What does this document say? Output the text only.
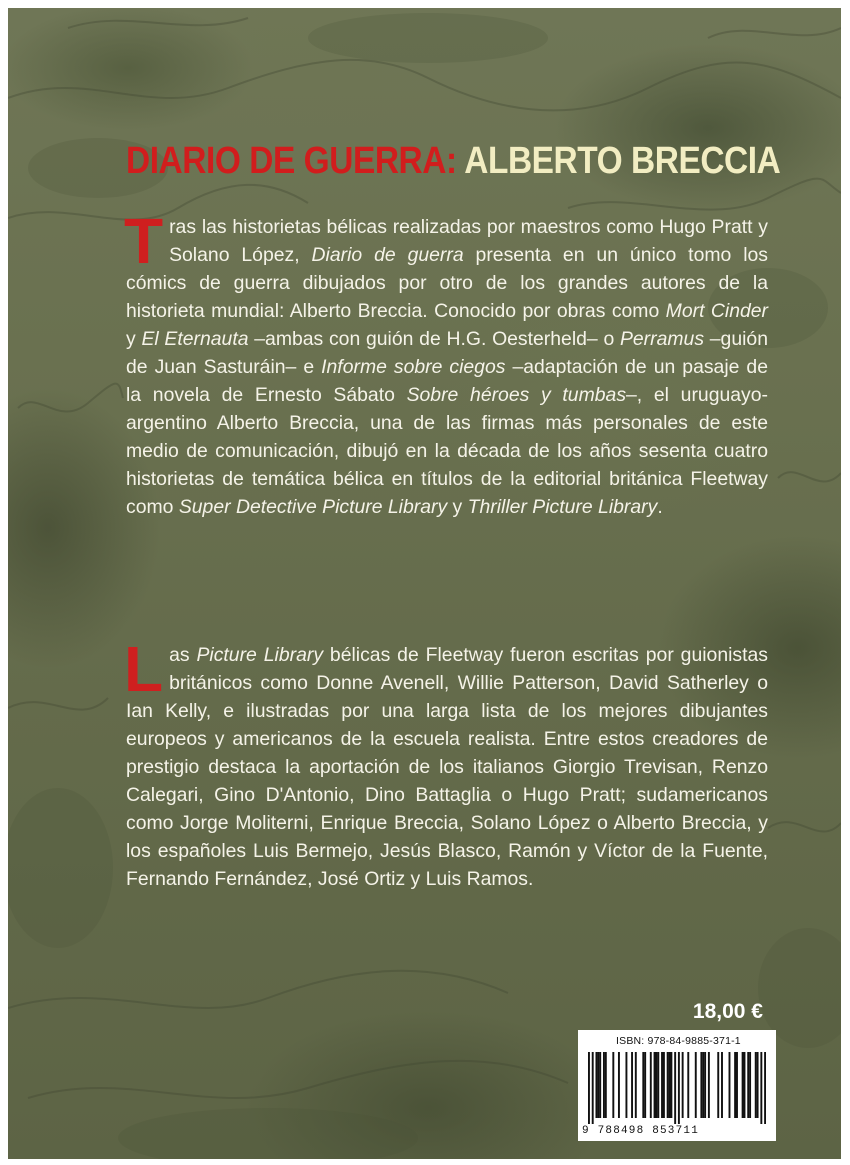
DIARIO DE GUERRA: ALBERTO BRECCIA

Tras las historietas bélicas realizadas por maestros como Hugo Pratt y Solano López, Diario de guerra presenta en un único tomo los cómics de guerra dibujados por otro de los grandes autores de la historieta mundial: Alberto Breccia. Conocido por obras como Mort Cinder y El Eternauta –ambas con guión de H.G. Oesterheld– o Perramus –guión de Juan Sasturáin– e Informe sobre ciegos –adaptación de un pasaje de la novela de Ernesto Sábato Sobre héroes y tumbas–, el uruguayo-argentino Alberto Breccia, una de las firmas más personales de este medio de comunicación, dibujó en la década de los años sesenta cuatro historietas de temática bélica en títulos de la editorial británica Fleetway como Super Detective Picture Library y Thriller Picture Library.

Las Picture Library bélicas de Fleetway fueron escritas por guionistas británicos como Donne Avenell, Willie Patterson, David Satherley o Ian Kelly, e ilustradas por una larga lista de los mejores dibujantes europeos y americanos de la escuela realista. Entre estos creadores de prestigio destaca la aportación de los italianos Giorgio Trevisan, Renzo Calegari, Gino D'Antonio, Dino Battaglia o Hugo Pratt; sudamericanos como Jorge Moliterni, Enrique Breccia, Solano López o Alberto Breccia, y los españoles Luis Bermejo, Jesús Blasco, Ramón y Víctor de la Fuente, Fernando Fernández, José Ortiz y Luis Ramos.

18,00 €
ISBN: 978-84-9885-371-1
9 788498 853711
